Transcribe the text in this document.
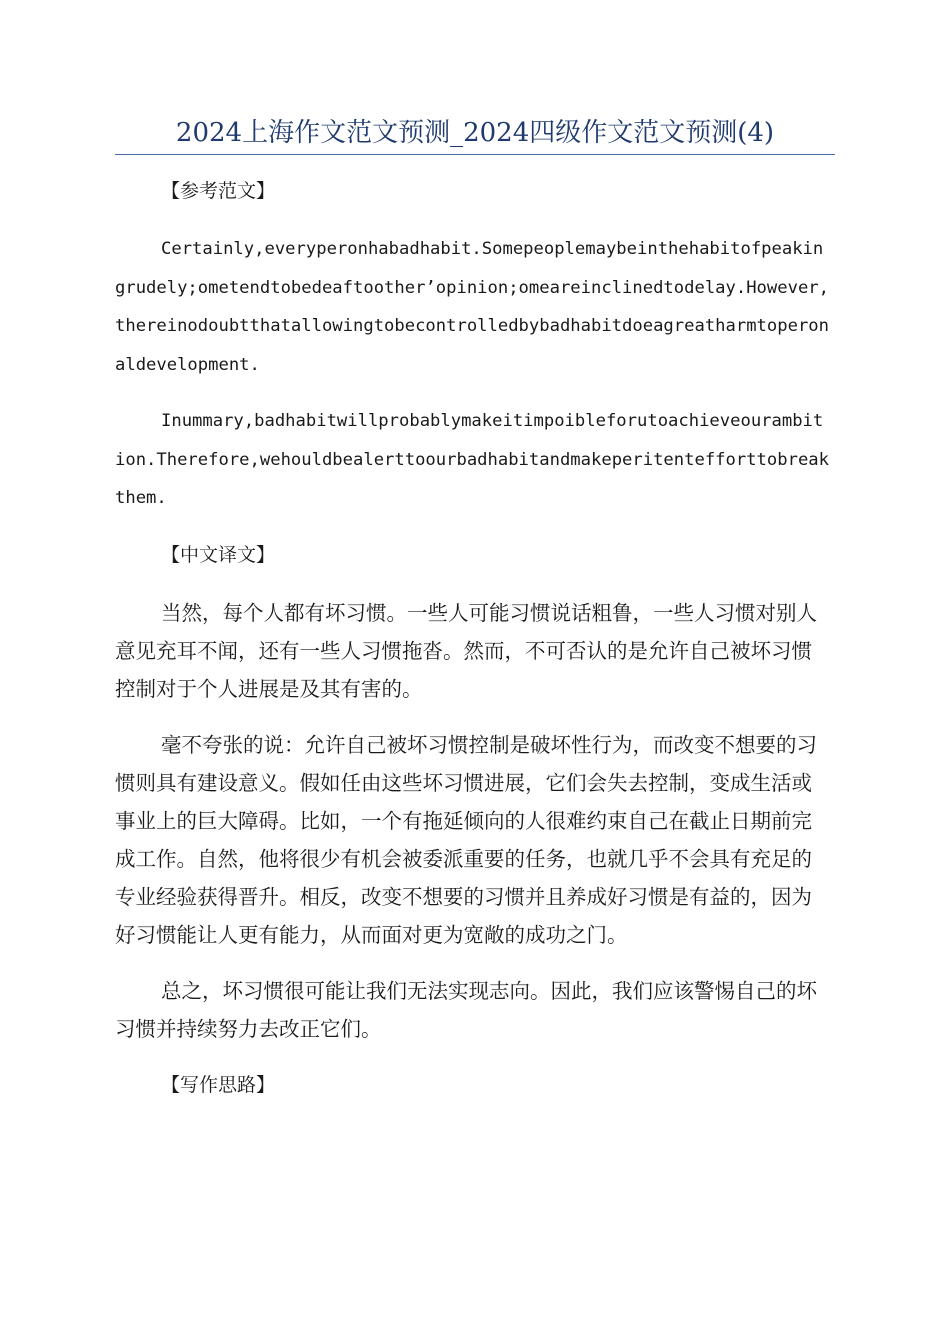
2024上海作文范文预测_2024四级作文范文预测(4)
【参考范文】

Certainly,everyperonhabadhabit.Somepeoplemaybeinthehabitofpeakingrudely;ometendtobedeaftoother’opinion;omeareinclinedtodelay.However,thereinodoubtthatallowingtobecontrolledbybadhabitdoeagreatharmtoperonaldevelopment.

Inummary,badhabitwillprobablymakeitimpoibleforutoachieveourambition.Therefore,wehouldbealerttoourbadhabitandmakeperitenteffortto​breakthem.

【中文译文】

当然，每个人都有坏习惯。一些人可能习惯说话粗鲁，一些人习惯对别人意见充耳不闻，还有一些人习惯拖沓。然而，不可否认的是允许自己被坏习惯控制对于个人进展是及其有害的。

毫不夸张的说：允许自己被坏习惯控制是破坏性行为，而改变不想要的习惯则具有建设意义。假如任由这些坏习惯进展，它们会失去控制，变成生活或事业上的巨大障碍。比如，一个有拖延倾向的人很难约束自己在截止日期前完成工作。自然，他将很少有机会被委派重要的任务，也就几乎不会具有充足的专业经验获得晋升。相反，改变不想要的习惯并且养成好习惯是有益的，因为好习惯能让人更有能力，从而面对更为宽敞的成功之门。

总之，坏习惯很可能让我们无法实现志向。因此，我们应该警惕自己的坏习惯并持续努力去改正它们。

【写作思路】
